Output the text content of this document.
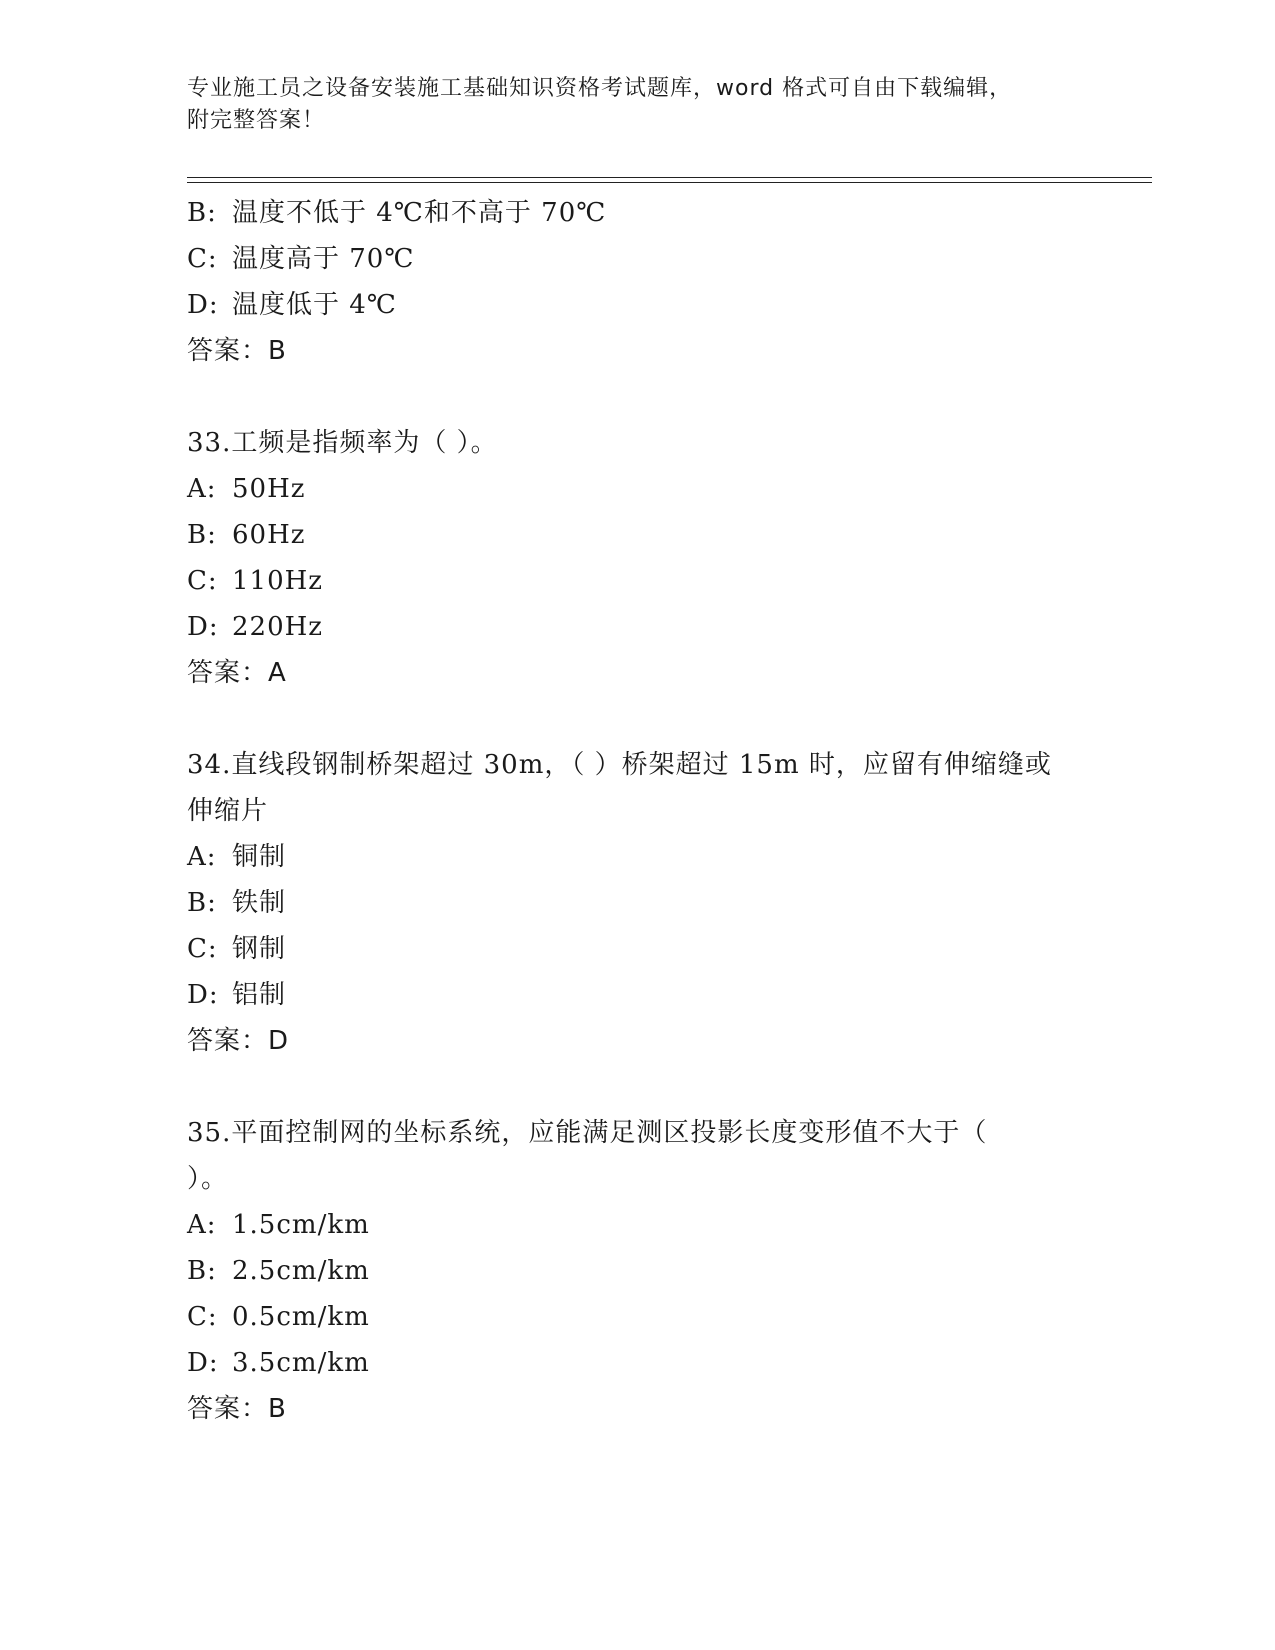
专业施工员之设备安装施工基础知识资格考试题库，word 格式可自由下载编辑，
附完整答案！
B: 温度不低于 4℃和不高于 70℃
C: 温度高于 70℃
D: 温度低于 4℃
答案：B
33.工频是指频率为（ ）。
A: 50Hz
B: 60Hz
C: 110Hz
D: 220Hz
答案：A
34.直线段钢制桥架超过 30m，（ ）桥架超过 15m 时，应留有伸缩缝或
伸缩片
A: 铜制
B: 铁制
C: 钢制
D: 铝制
答案：D
35.平面控制网的坐标系统，应能满足测区投影长度变形值不大于（
）。
A: 1.5cm/km
B: 2.5cm/km
C: 0.5cm/km
D: 3.5cm/km
答案：B
